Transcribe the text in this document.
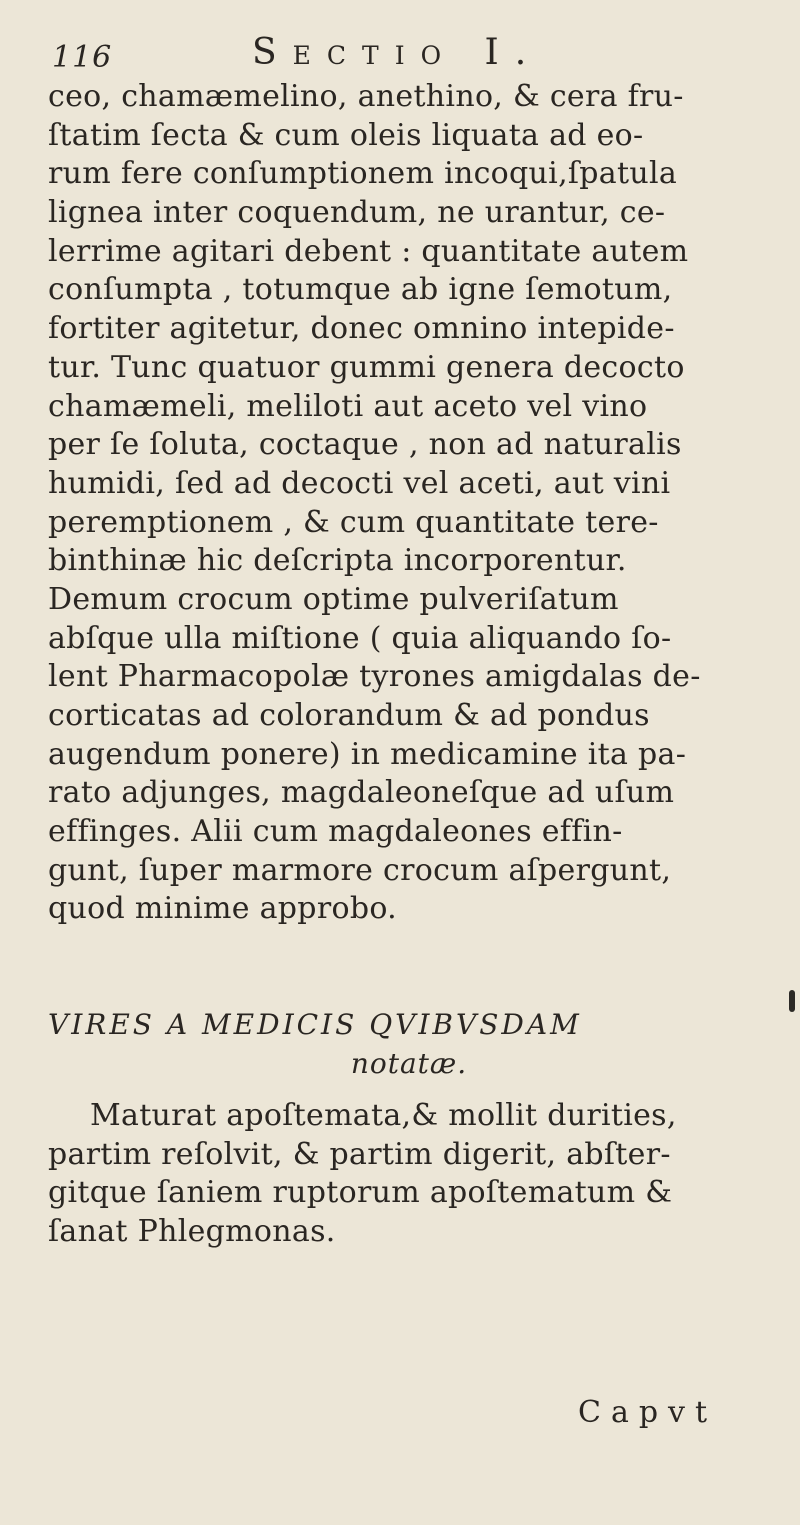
116	Sectio I.
ceo, chamæmelino, anethino, & cera fru-
ſtatim ſecta & cum oleis liquata ad eo-
rum fere conſumptionem incoqui,ſpatula
lignea inter coquendum, ne urantur, ce-
lerrime agitari debent : quantitate autem
conſumpta , totumque ab igne ſemotum,
fortiter agitetur, donec omnino intepide-
tur. Tunc quatuor gummi genera decocto
chamæmeli, meliloti aut aceto vel vino
per ſe ſoluta, coctaque , non ad naturalis
humidi, ſed ad decocti vel aceti, aut vini
peremptionem , & cum quantitate tere-
binthinæ hic deſcripta incorporentur.
Demum crocum optime pulveriſatum
abſque ulla miſtione ( quia aliquando ſo-
lent Pharmacopolæ tyrones amigdalas de-
corticatas ad colorandum & ad pondus
augendum ponere) in medicamine ita pa-
rato adjunges, magdaleoneſque ad uſum
effinges. Alii cum magdaleones effin-
gunt, ſuper marmore crocum aſpergunt,
quod minime approbo.
VIRES A MEDICIS QVIBVSDAM
notatæ.
Maturat apoſtemata,& mollit durities,
partim reſolvit, & partim digerit, abſter-
gitque ſaniem ruptorum apoſtematum &
ſanat Phlegmonas.
Capvt
